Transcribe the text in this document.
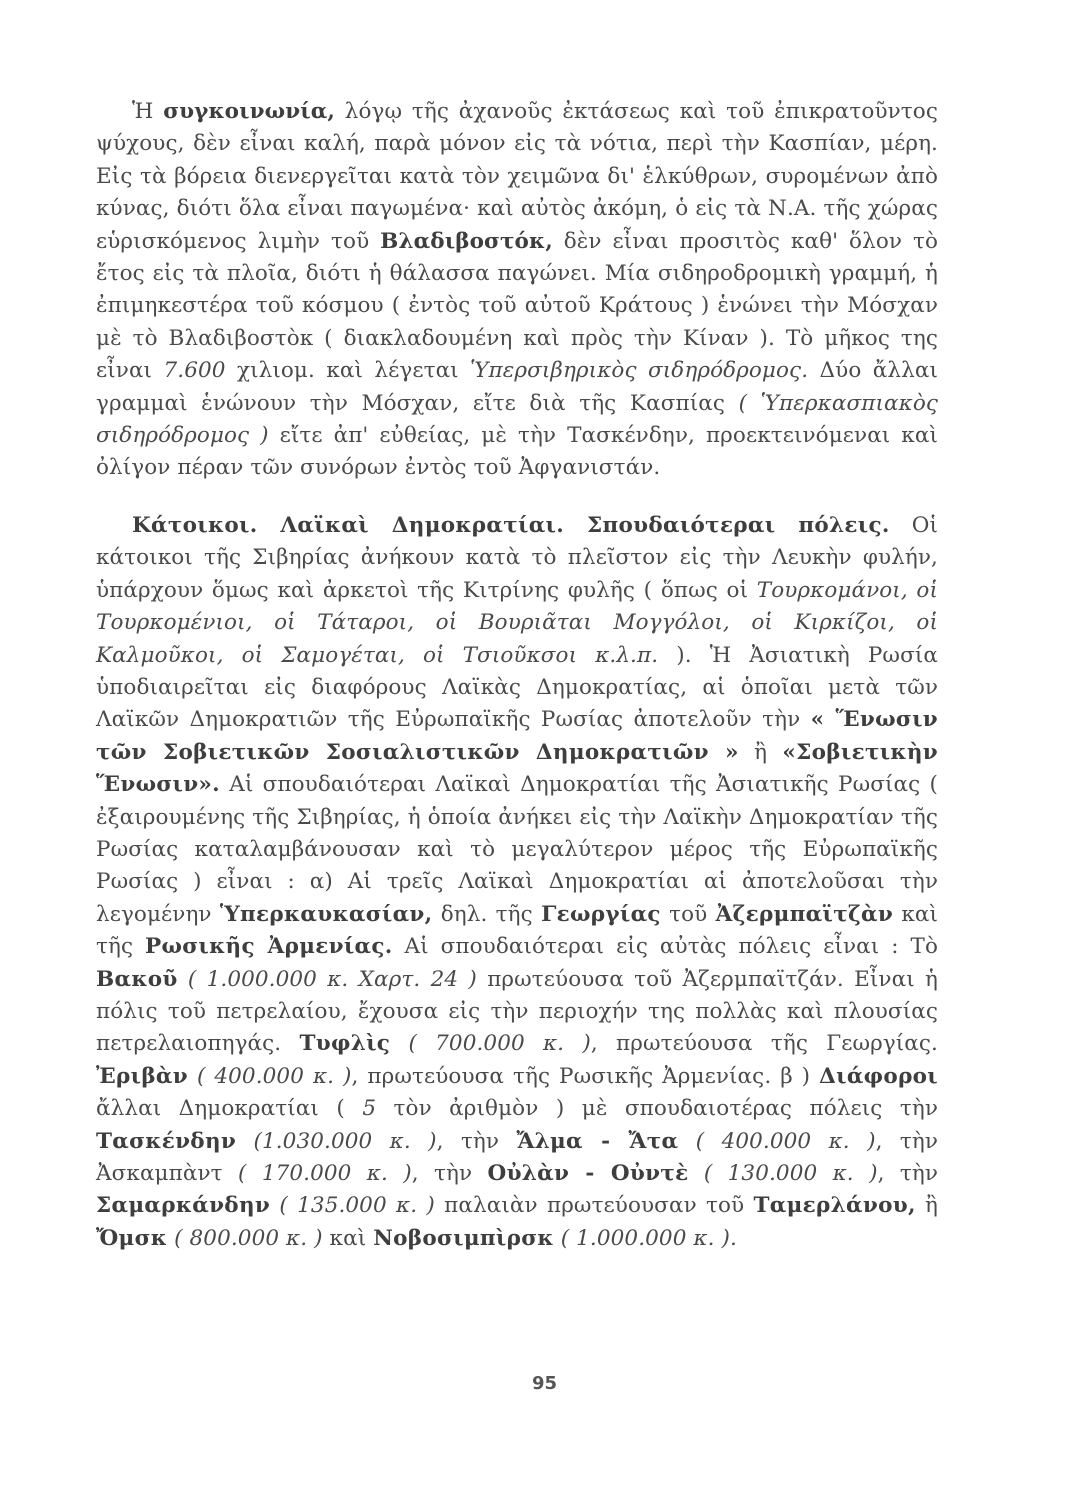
Ἡ συγκοινωνία, λόγῳ τῆς ἀχανοῦς ἐκτάσεως καὶ τοῦ ἐπικρατοῦντος ψύχους, δὲν εἶναι καλή, παρὰ μόνον εἰς τὰ νότια, περὶ τὴν Κασπίαν, μέρη. Εἰς τὰ βόρεια διενεργεῖται κατὰ τὸν χειμῶνα δι' ἑλκύθρων, συρομένων ἀπὸ κύνας, διότι ὅλα εἶναι παγωμένα· καὶ αὐτὸς ἀκόμη, ὁ εἰς τὰ Ν.Α. τῆς χώρας εὑρισκόμενος λιμὴν τοῦ Βλαδιβοστόκ, δὲν εἶναι προσιτὸς καθ' ὅλον τὸ ἔτος εἰς τὰ πλοῖα, διότι ἡ θάλασσα παγώνει. Μία σιδηροδρομικὴ γραμμή, ἡ ἐπιμηκεστέρα τοῦ κόσμου ( ἐντὸς τοῦ αὐτοῦ Κράτους ) ἑνώνει τὴν Μόσχαν μὲ τὸ Βλαδιβοστὸκ ( διακλαδουμένη καὶ πρὸς τὴν Κίναν ). Τὸ μῆκος της εἶναι 7.600 χιλιομ. καὶ λέγεται Ὑπερσιβηρικὸς σιδηρόδρομος. Δύο ἄλλαι γραμμαὶ ἑνώνουν τὴν Μόσχαν, εἴτε διὰ τῆς Κασπίας ( Ὑπερκασπιακὸς σιδηρόδρομος ) εἴτε ἀπ' εὐθείας, μὲ τὴν Τασκένδην, προεκτεινόμεναι καὶ ὀλίγον πέραν τῶν συνόρων ἐντὸς τοῦ Ἀφγανιστάν.

Κάτοικοι. Λαϊκαὶ Δημοκρατίαι. Σπουδαιότεραι πόλεις. Οἱ κάτοικοι τῆς Σιβηρίας ἀνήκουν κατὰ τὸ πλεῖστον εἰς τὴν Λευκὴν φυλήν, ὑπάρχουν ὅμως καὶ ἀρκετοὶ τῆς Κιτρίνης φυλῆς ( ὅπως οἱ Τουρκομάνοι, οἱ Τουρκομένιοι, οἱ Τάταροι, οἱ Βουριᾶται Μογγόλοι, οἱ Κιρκίζοι, οἱ Καλμοῦκοι, οἱ Σαμογέται, οἱ Τσιοῦκσοι κ.λ.π. ). Ἡ Ἀσιατικὴ Ρωσία ὑποδιαιρεῖται εἰς διαφόρους Λαϊκὰς Δημοκρατίας, αἱ ὁποῖαι μετὰ τῶν Λαϊκῶν Δημοκρατιῶν τῆς Εὐρωπαϊκῆς Ρωσίας ἀποτελοῦν τὴν « Ἕνωσιν τῶν Σοβιετικῶν Σοσιαλιστικῶν Δημοκρατιῶν » ἢ «Σοβιετικὴν Ἕνωσιν». Αἱ σπουδαιότεραι Λαϊκαὶ Δημοκρατίαι τῆς Ἀσιατικῆς Ρωσίας ( ἐξαιρουμένης τῆς Σιβηρίας, ἡ ὁποία ἀνήκει εἰς τὴν Λαϊκὴν Δημοκρατίαν τῆς Ρωσίας καταλαμβάνουσαν καὶ τὸ μεγαλύτερον μέρος τῆς Εὐρωπαϊκῆς Ρωσίας ) εἶναι : α) Αἱ τρεῖς Λαϊκαὶ Δημοκρατίαι αἱ ἀποτελοῦσαι τὴν λεγομένην Ὑπερκαυκασίαν, δηλ. τῆς Γεωργίας τοῦ Ἀζερμπαϊτζὰν καὶ τῆς Ρωσικῆς Ἀρμενίας. Αἱ σπουδαιότεραι εἰς αὐτὰς πόλεις εἶναι : Τὸ Βακοῦ ( 1.000.000 κ. Χαρτ. 24 ) πρωτεύουσα τοῦ Ἀζερμπαϊτζάν. Εἶναι ἡ πόλις τοῦ πετρελαίου, ἔχουσα εἰς τὴν περιοχήν της πολλὰς καὶ πλουσίας πετρελαιοπηγάς. Τυφλὶς ( 700.000 κ. ), πρωτεύουσα τῆς Γεωργίας. Ἐριβὰν ( 400.000 κ. ), πρωτεύουσα τῆς Ρωσικῆς Ἀρμενίας. β ) Διάφοροι ἄλλαι Δημοκρατίαι ( 5 τὸν ἀριθμὸν ) μὲ σπουδαιοτέρας πόλεις τὴν Τασκένδην (1.030.000 κ. ), τὴν Ἄλμα - Ἄτα ( 400.000 κ. ), τὴν Ἀσκαμπὰντ ( 170.000 κ. ), τὴν Οὐλὰν - Οὐντὲ ( 130.000 κ. ), τὴν Σαμαρκάνδην ( 135.000 κ. ) παλαιὰν πρωτεύουσαν τοῦ Ταμερλάνου, ἢ Ὄμσκ ( 800.000 κ. ) καὶ Νοβοσιμπὶρσκ ( 1.000.000 κ. ).

95
